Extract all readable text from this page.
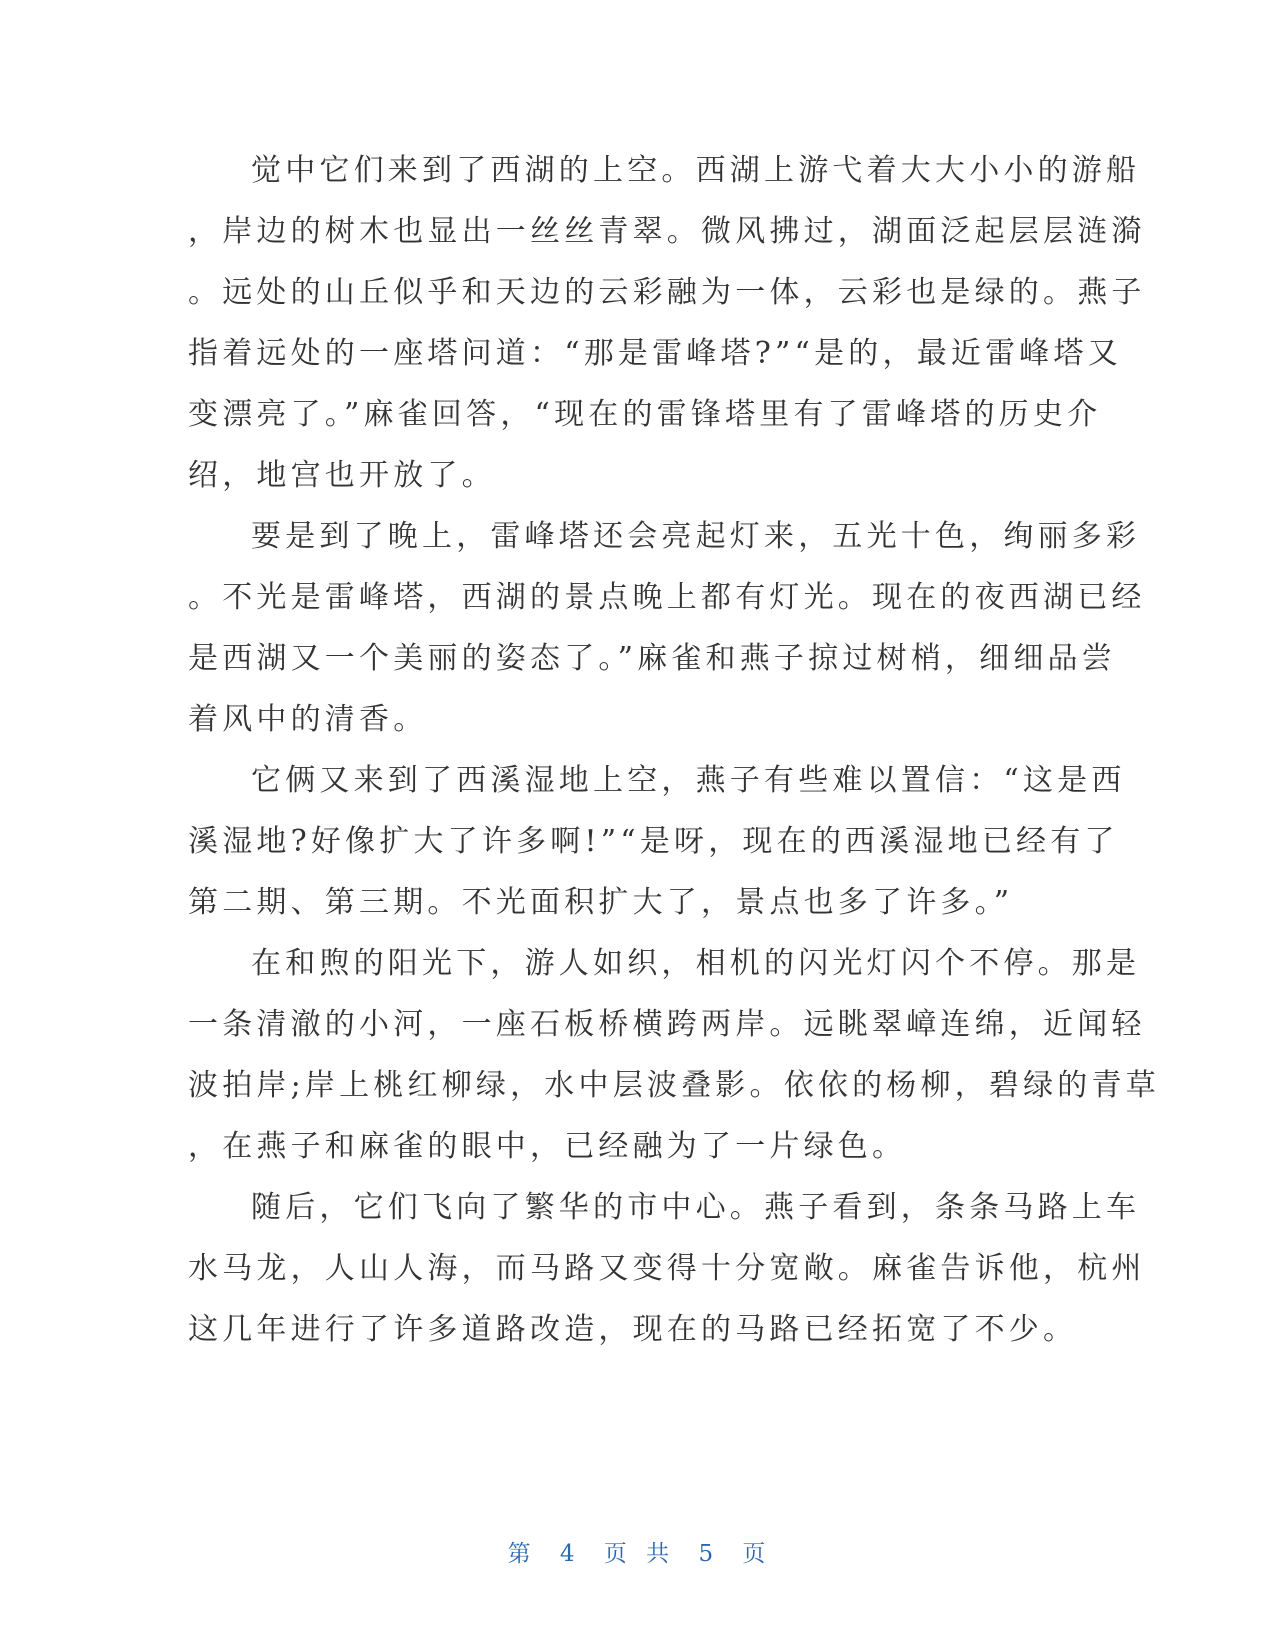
觉中它们来到了西湖的上空。西湖上游弋着大大小小的游船
，岸边的树木也显出一丝丝青翠。微风拂过，湖面泛起层层涟漪
。远处的山丘似乎和天边的云彩融为一体，云彩也是绿的。燕子
指着远处的一座塔问道：“那是雷峰塔?”“是的，最近雷峰塔又
变漂亮了。”麻雀回答，“现在的雷锋塔里有了雷峰塔的历史介
绍，地宫也开放了。
要是到了晚上，雷峰塔还会亮起灯来，五光十色，绚丽多彩
。不光是雷峰塔，西湖的景点晚上都有灯光。现在的夜西湖已经
是西湖又一个美丽的姿态了。”麻雀和燕子掠过树梢，细细品尝
着风中的清香。
它俩又来到了西溪湿地上空，燕子有些难以置信：“这是西
溪湿地?好像扩大了许多啊!”“是呀，现在的西溪湿地已经有了
第二期、第三期。不光面积扩大了，景点也多了许多。”
在和煦的阳光下，游人如织，相机的闪光灯闪个不停。那是
一条清澈的小河，一座石板桥横跨两岸。远眺翠嶂连绵，近闻轻
波拍岸;岸上桃红柳绿，水中层波叠影。依依的杨柳，碧绿的青草
，在燕子和麻雀的眼中，已经融为了一片绿色。
随后，它们飞向了繁华的市中心。燕子看到，条条马路上车
水马龙，人山人海，而马路又变得十分宽敞。麻雀告诉他，杭州
这几年进行了许多道路改造，现在的马路已经拓宽了不少。
第 4 页 共 5 页
